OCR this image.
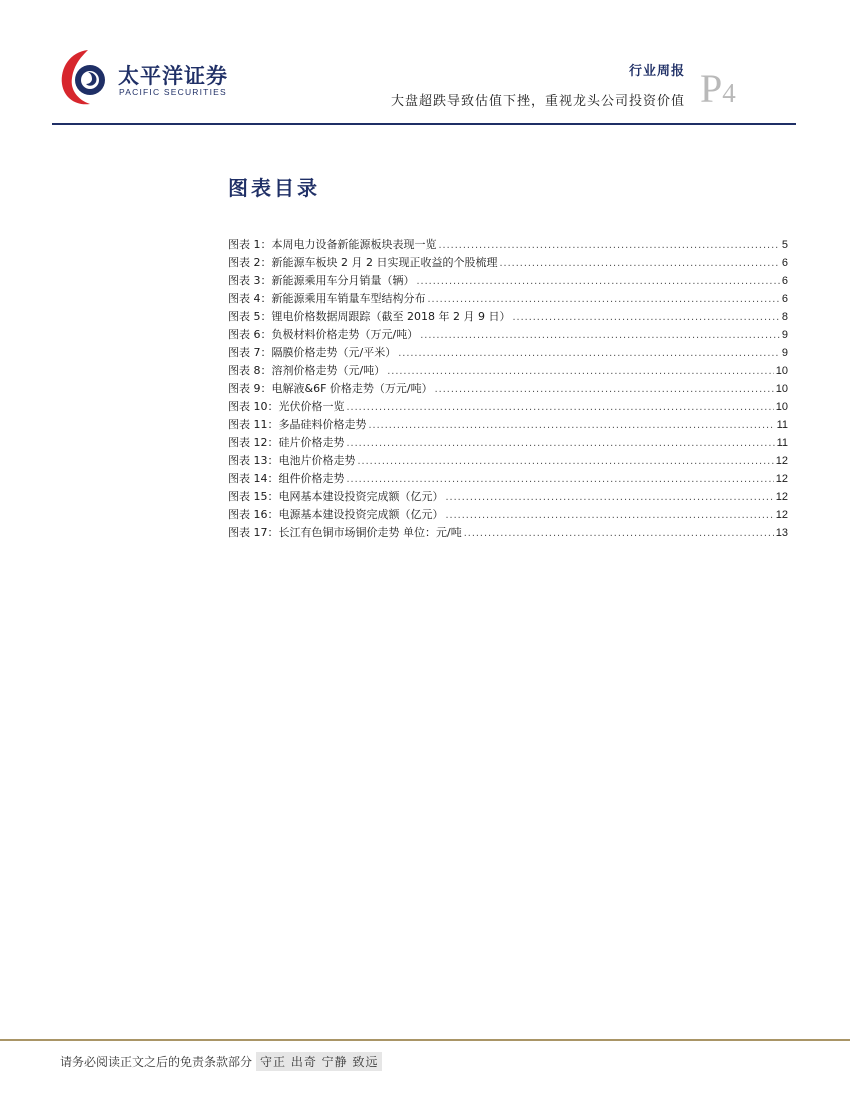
太平洋证券
PACIFIC SECURITIES
行业周报
大盘超跌导致估值下挫，重视龙头公司投资价值 P4
图表目录
图表 1：本周电力设备新能源板块表现一览 .....	5
图表 2：新能源车板块 2 月 2 日实现正收益的个股梳理 .....	6
图表 3：新能源乘用车分月销量（辆） .....	6
图表 4：新能源乘用车销量车型结构分布 .....	6
图表 5：锂电价格数据周跟踪（截至 2018 年 2 月 9 日） .....	8
图表 6：负极材料价格走势（万元/吨） .....	9
图表 7：隔膜价格走势（元/平米） .....	9
图表 8：溶剂价格走势（元/吨） .....	10
图表 9：电解液&6F 价格走势（万元/吨） .....	10
图表 10：光伏价格一览 .....	10
图表 11：多晶硅料价格走势 .....	11
图表 12：硅片价格走势 .....	11
图表 13：电池片价格走势 .....	12
图表 14：组件价格走势 .....	12
图表 15：电网基本建设投资完成额（亿元） .....	12
图表 16：电源基本建设投资完成额（亿元） .....	12
图表 17：长江有色铜市场铜价走势 单位：元/吨 .....	13
请务必阅读正文之后的免责条款部分 守正 出奇 宁静 致远
